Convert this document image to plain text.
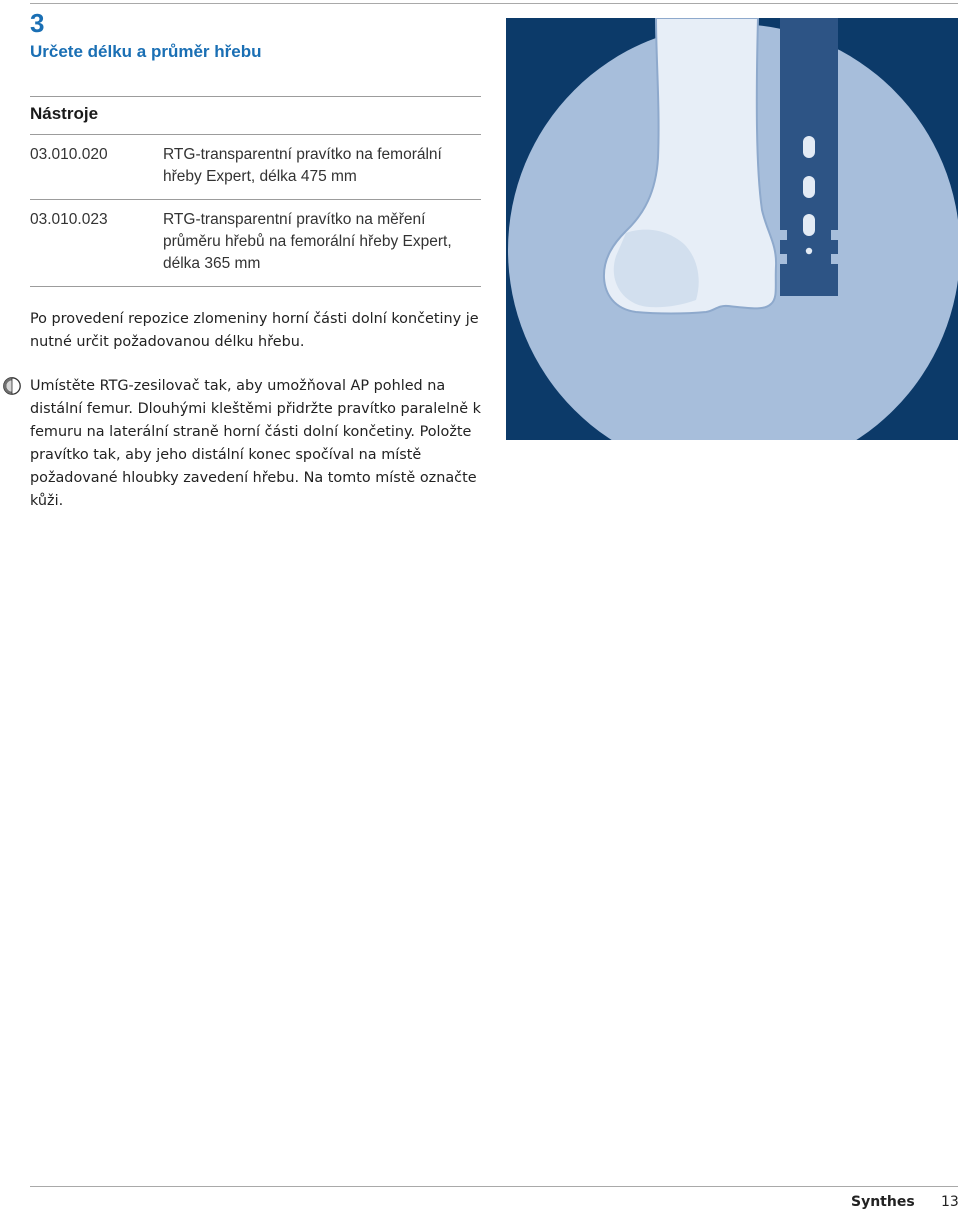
3
Určete délku a průměr hřebu
Nástroje
03.010.020	RTG-transparentní pravítko na femorální hřeby Expert, délka 475 mm
03.010.023	RTG-transparentní pravítko na měření průměru hřebů na femorální hřeby Expert, délka 365 mm
Po provedení repozice zlomeniny horní části dolní končetiny je nutné určit požadovanou délku hřebu.
Umístěte RTG-zesilovač tak, aby umožňoval AP pohled na distální femur. Dlouhými kleštěmi přidržte pravítko paralelně k femuru na laterální straně horní části dolní končetiny. Položte pravítko tak, aby jeho distální konec spočíval na místě požadované hloubky zavedení hřebu. Na tomto místě označte kůži.
Synthes 13
